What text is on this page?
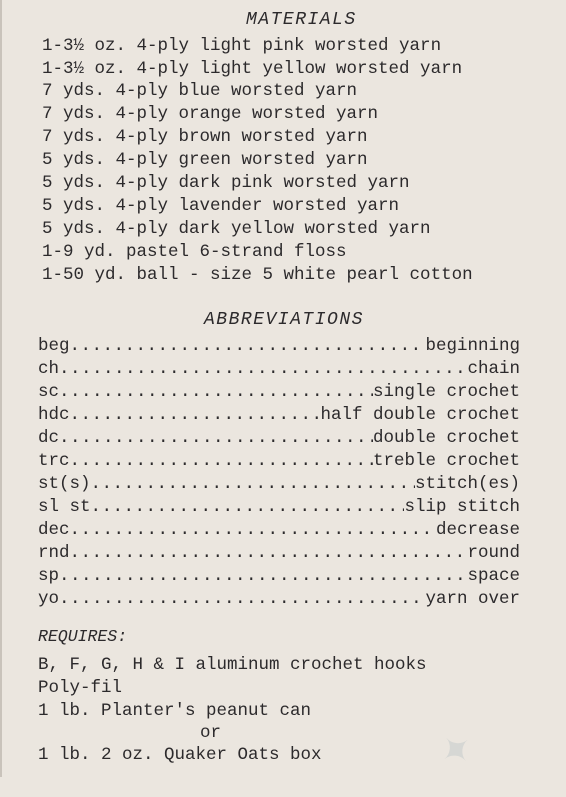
MATERIALS
1-3½ oz. 4-ply light pink worsted yarn
1-3½ oz. 4-ply light yellow worsted yarn
7 yds. 4-ply blue worsted yarn
7 yds. 4-ply orange worsted yarn
7 yds. 4-ply brown worsted yarn
5 yds. 4-ply green worsted yarn
5 yds. 4-ply dark pink worsted yarn
5 yds. 4-ply lavender worsted yarn
5 yds. 4-ply dark yellow worsted yarn
1-9 yd. pastel 6-strand floss
1-50 yd. ball - size 5 white pearl cotton
ABBREVIATIONS
beg .....	beginning
ch .....	chain
sc .....	single crochet
hdc .....	half double crochet
dc .....	double crochet
trc .....	treble crochet
st(s) .....	stitch(es)
sl st .....	slip stitch
dec .....	decrease
rnd .....	round
sp .....	space
yo .....	yarn over
REQUIRES:
B, F, G, H & I aluminum crochet hooks
Poly-fil
1 lb. Planter's peanut can
or
1 lb. 2 oz. Quaker Oats box	✦
